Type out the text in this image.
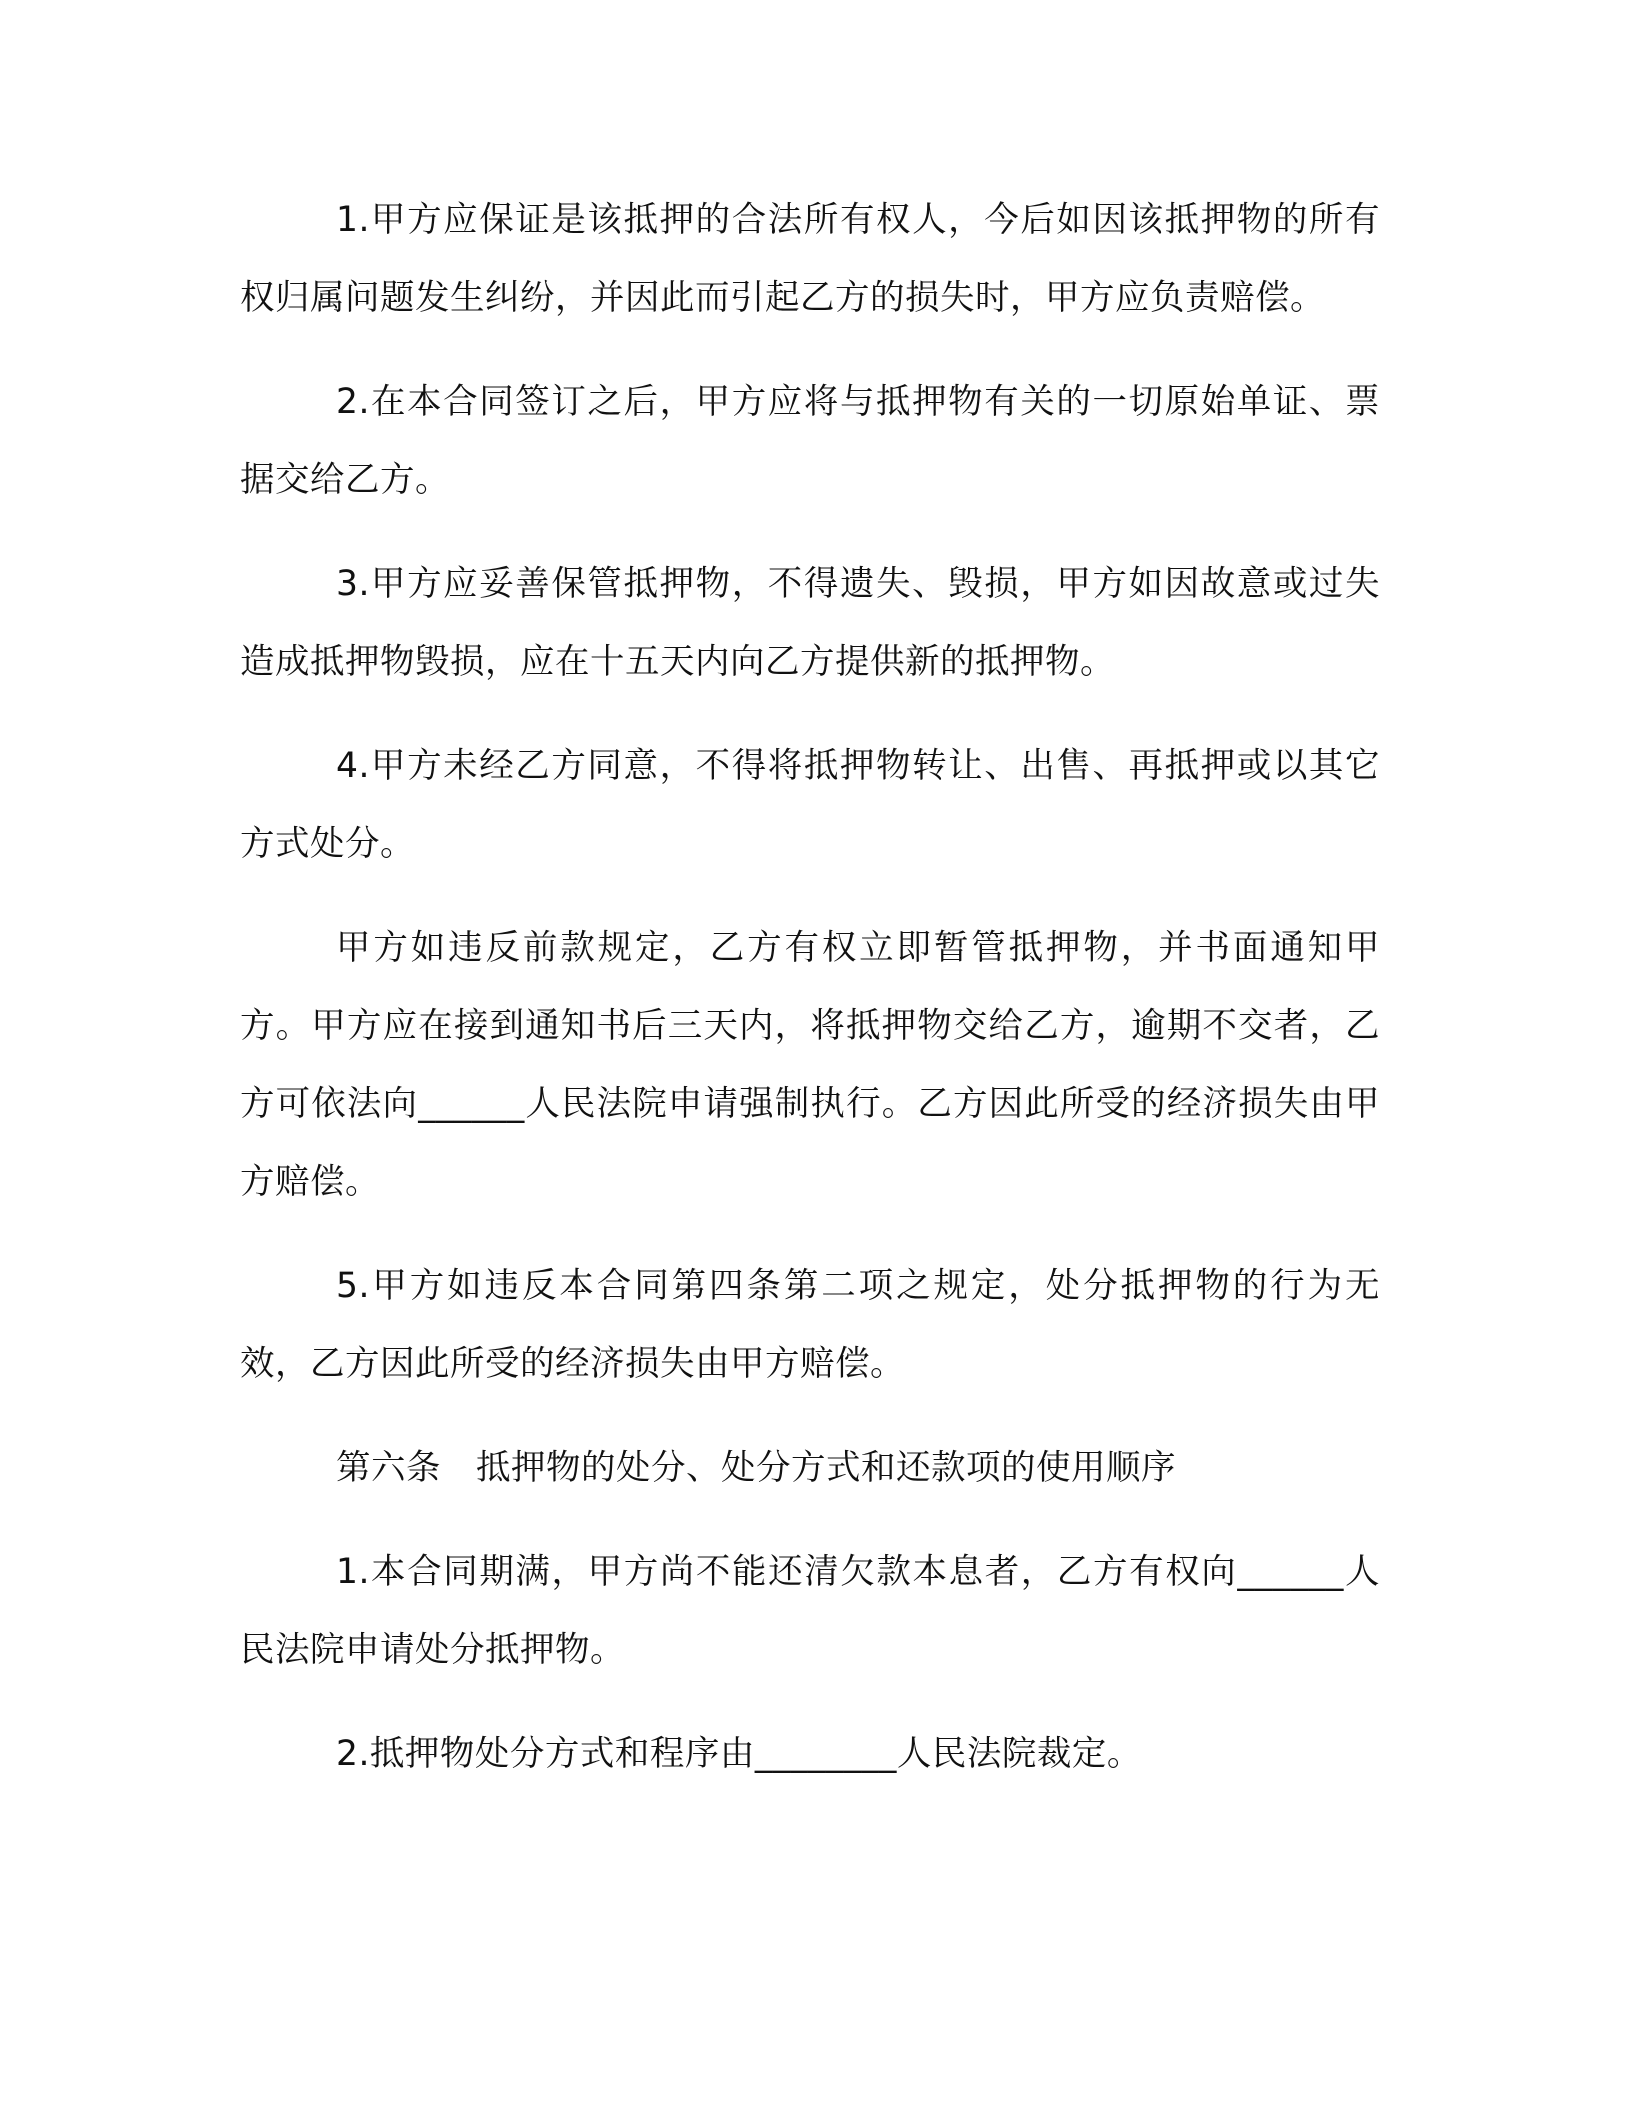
1.甲方应保证是该抵押的合法所有权人，今后如因该抵押物的所有权归属问题发生纠纷，并因此而引起乙方的损失时，甲方应负责赔偿。

2.在本合同签订之后，甲方应将与抵押物有关的一切原始单证、票据交给乙方。

3.甲方应妥善保管抵押物，不得遗失、毁损，甲方如因故意或过失造成抵押物毁损，应在十五天内向乙方提供新的抵押物。

4.甲方未经乙方同意，不得将抵押物转让、出售、再抵押或以其它方式处分。

甲方如违反前款规定，乙方有权立即暂管抵押物，并书面通知甲方。甲方应在接到通知书后三天内，将抵押物交给乙方，逾期不交者，乙方可依法向______人民法院申请强制执行。乙方因此所受的经济损失由甲方赔偿。

5.甲方如违反本合同第四条第二项之规定，处分抵押物的行为无效，乙方因此所受的经济损失由甲方赔偿。

第六条　抵押物的处分、处分方式和还款项的使用顺序

1.本合同期满，甲方尚不能还清欠款本息者，乙方有权向______人民法院申请处分抵押物。

2.抵押物处分方式和程序由________人民法院裁定。
